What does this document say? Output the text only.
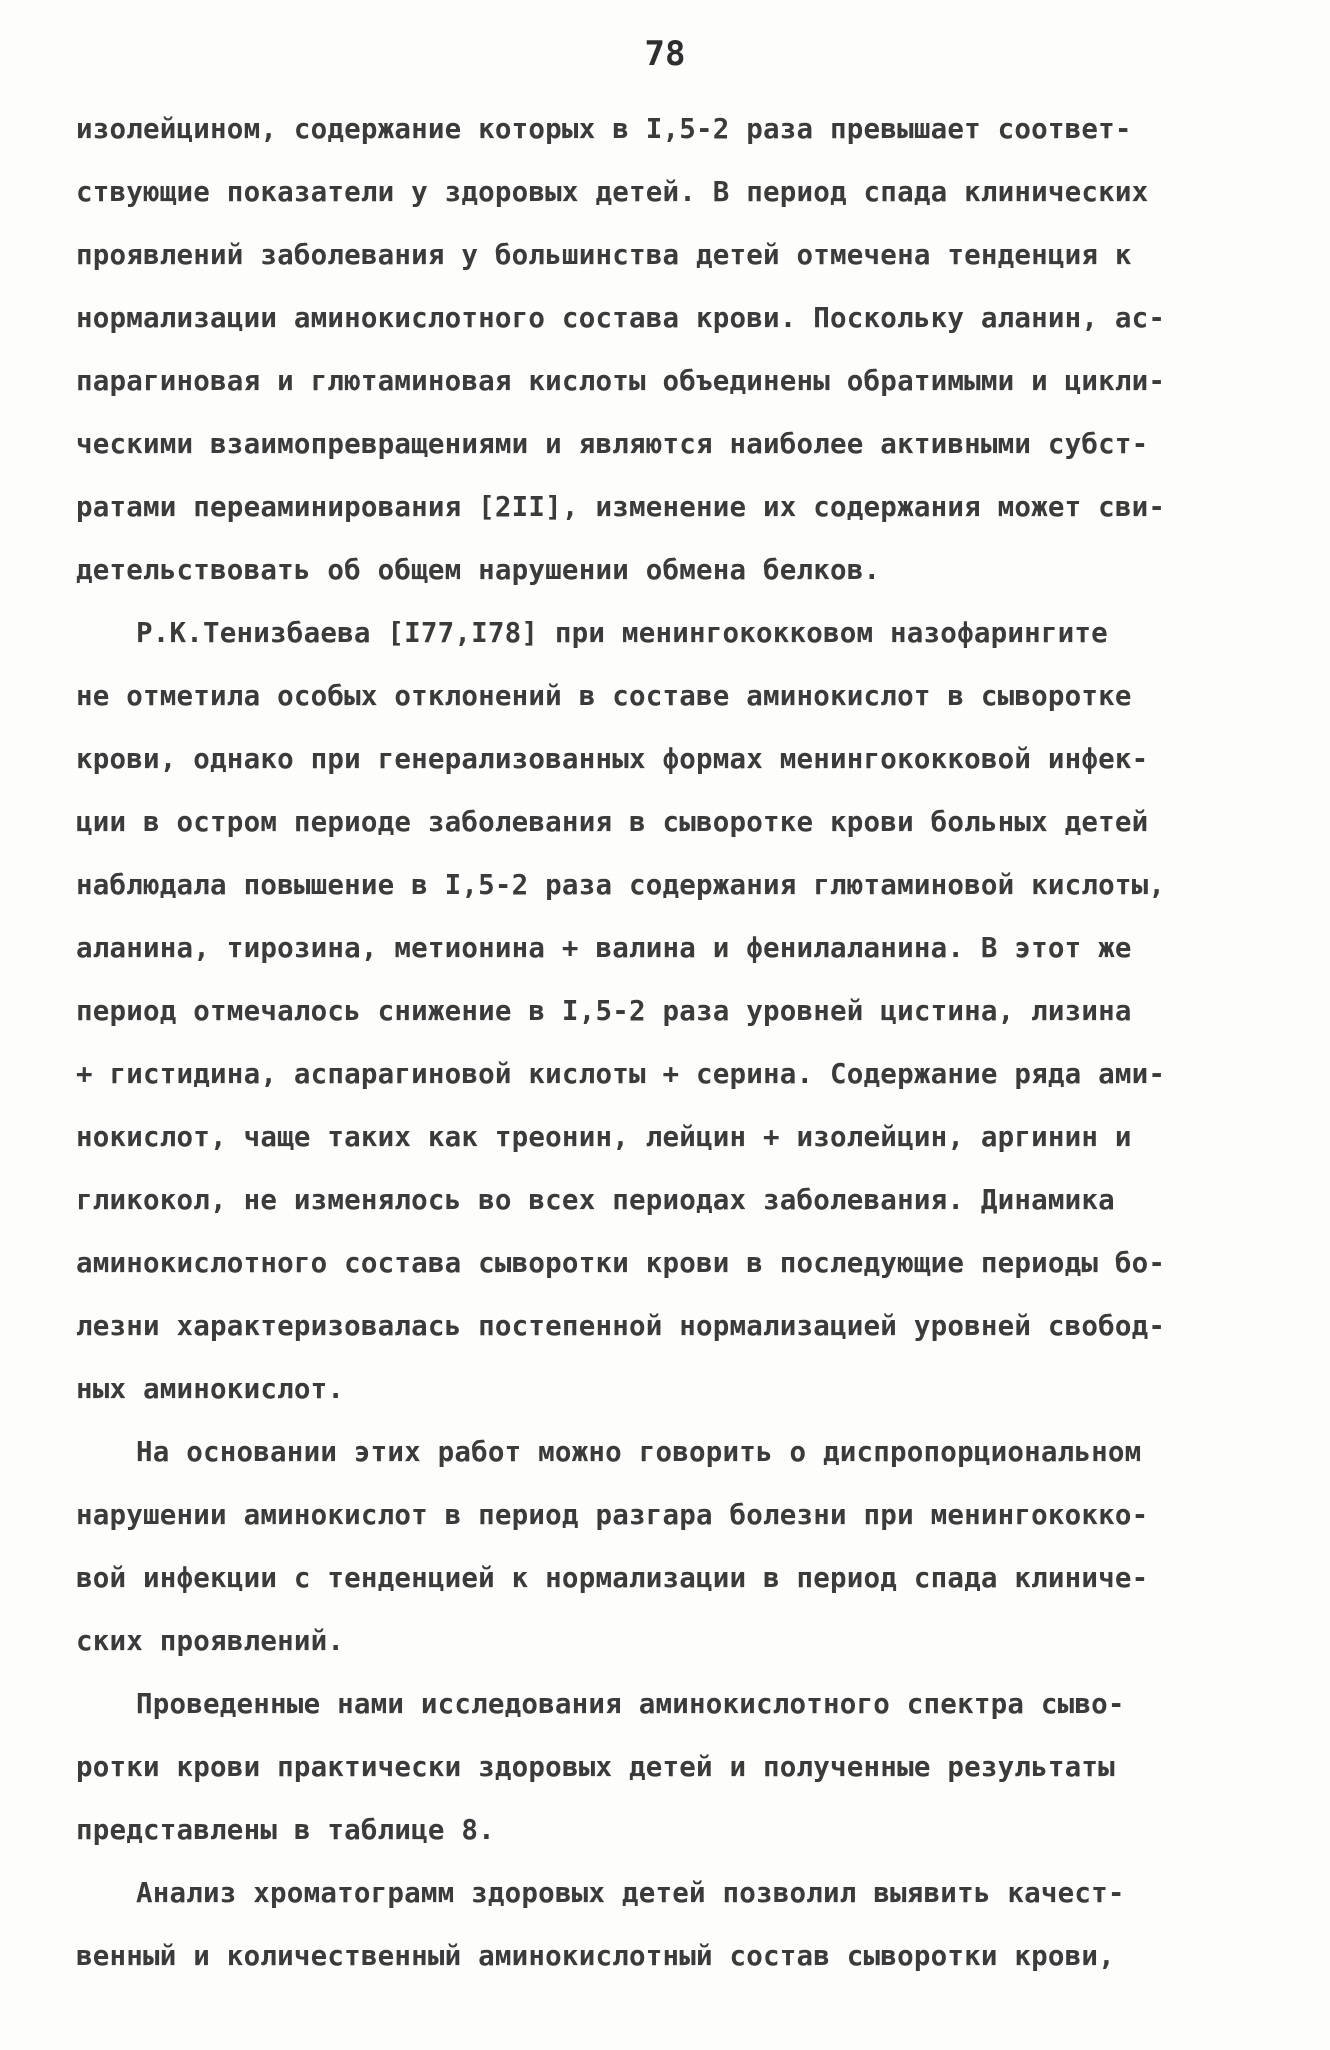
78
изолейцином, содержание которых в I,5-2 раза превышает соответ-
ствующие показатели у здоровых детей. В период спада клинических
проявлений заболевания у большинства детей отмечена тенденция к
нормализации аминокислотного состава крови. Поскольку аланин, ас-
парагиновая и глютаминовая кислоты объединены обратимыми и цикли-
ческими взаимопревращениями и являются наиболее активными субст-
ратами переаминирования [2II], изменение их содержания может сви-
детельствовать об общем нарушении обмена белков.
Р.К.Тенизбаева [I77,I78] при менингококковом назофарингите
не отметила особых отклонений в составе аминокислот в сыворотке
крови, однако при генерализованных формах менингококковой инфек-
ции в остром периоде заболевания в сыворотке крови больных детей
наблюдала повышение в I,5-2 раза содержания глютаминовой кислоты,
аланина, тирозина, метионина + валина и фенилаланина. В этот же
период отмечалось снижение в I,5-2 раза уровней цистина, лизина
+ гистидина, аспарагиновой кислоты + серина. Содержание ряда ами-
нокислот, чаще таких как треонин, лейцин + изолейцин, аргинин и
гликокол, не изменялось во всех периодах заболевания. Динамика
аминокислотного состава сыворотки крови в последующие периоды бо-
лезни характеризовалась постепенной нормализацией уровней свобод-
ных аминокислот.
На основании этих работ можно говорить о диспропорциональном
нарушении аминокислот в период разгара болезни при менингококко-
вой инфекции с тенденцией к нормализации в период спада клиниче-
ских проявлений.
Проведенные нами исследования аминокислотного спектра сыво-
ротки крови практически здоровых детей и полученные результаты
представлены в таблице 8.
Анализ хроматограмм здоровых детей позволил выявить качест-
венный и количественный аминокислотный состав сыворотки крови,
